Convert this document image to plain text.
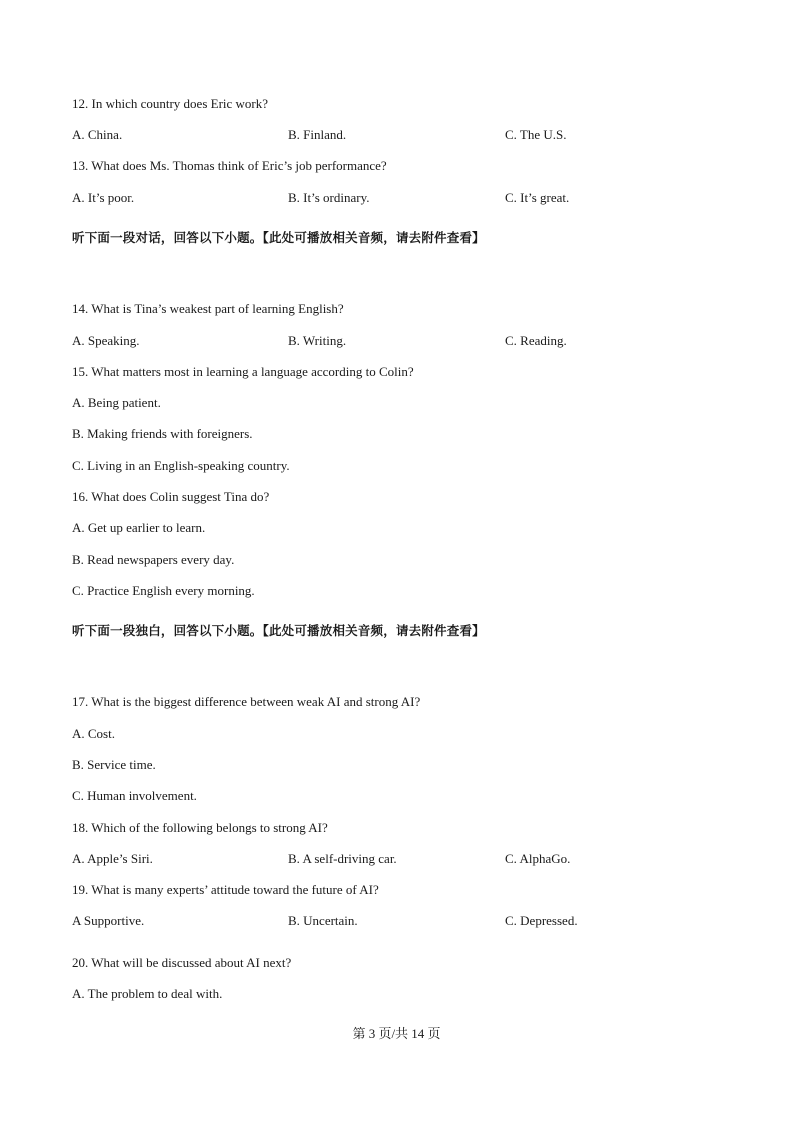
12. In which country does Eric work?
A. China.	B. Finland.	C. The U.S.
13. What does Ms. Thomas think of Eric’s job performance?
A. It’s poor.	B. It’s ordinary.	C. It’s great.
听下面一段对话，回答以下小题。【此处可播放相关音频，请去附件查看】
14. What is Tina’s weakest part of learning English?
A. Speaking.	B. Writing.	C. Reading.
15. What matters most in learning a language according to Colin?
A. Being patient.
B. Making friends with foreigners.
C. Living in an English-speaking country.
16. What does Colin suggest Tina do?
A. Get up earlier to learn.
B. Read newspapers every day.
C. Practice English every morning.
听下面一段独白，回答以下小题。【此处可播放相关音频，请去附件查看】
17. What is the biggest difference between weak AI and strong AI?
A. Cost.
B. Service time.
C. Human involvement.
18. Which of the following belongs to strong AI?
A. Apple’s Siri.	B. A self-driving car.	C. AlphaGo.
19. What is many experts’ attitude toward the future of AI?
A Supportive.	B. Uncertain.	C. Depressed.
20. What will be discussed about AI next?
A. The problem to deal with.
第 3 页/共 14 页
